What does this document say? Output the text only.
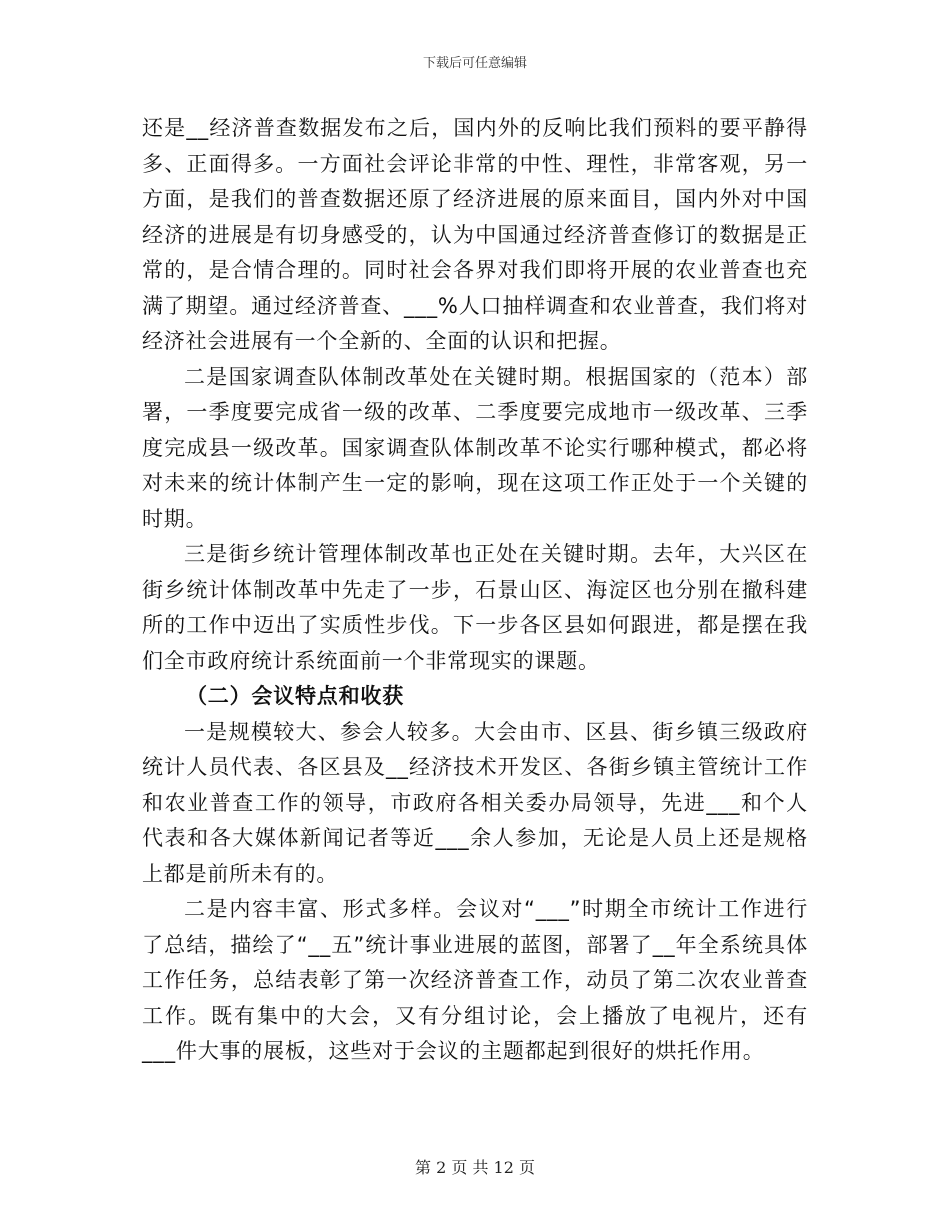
下载后可任意编辑

还是__经济普查数据发布之后，国内外的反响比我们预料的要平静得多、正面得多。一方面社会评论非常的中性、理性，非常客观，另一方面，是我们的普查数据还原了经济进展的原来面目，国内外对中国经济的进展是有切身感受的，认为中国通过经济普查修订的数据是正常的，是合情合理的。同时社会各界对我们即将开展的农业普查也充满了期望。通过经济普查、___%人口抽样调查和农业普查，我们将对经济社会进展有一个全新的、全面的认识和把握。

二是国家调查队体制改革处在关键时期。根据国家的（范本）部署，一季度要完成省一级的改革、二季度要完成地市一级改革、三季度完成县一级改革。国家调查队体制改革不论实行哪种模式，都必将对未来的统计体制产生一定的影响，现在这项工作正处于一个关键的时期。

三是街乡统计管理体制改革也正处在关键时期。去年，大兴区在街乡统计体制改革中先走了一步，石景山区、海淀区也分别在撤科建所的工作中迈出了实质性步伐。下一步各区县如何跟进，都是摆在我们全市政府统计系统面前一个非常现实的课题。

（二）会议特点和收获

一是规模较大、参会人较多。大会由市、区县、街乡镇三级政府统计人员代表、各区县及__经济技术开发区、各街乡镇主管统计工作和农业普查工作的领导，市政府各相关委办局领导，先进___和个人代表和各大媒体新闻记者等近___余人参加，无论是人员上还是规格上都是前所未有的。

二是内容丰富、形式多样。会议对“___”时期全市统计工作进行了总结，描绘了“__五”统计事业进展的蓝图，部署了__年全系统具体工作任务，总结表彰了第一次经济普查工作，动员了第二次农业普查工作。既有集中的大会，又有分组讨论，会上播放了电视片，还有___件大事的展板，这些对于会议的主题都起到很好的烘托作用。

第 2 页 共 12 页
